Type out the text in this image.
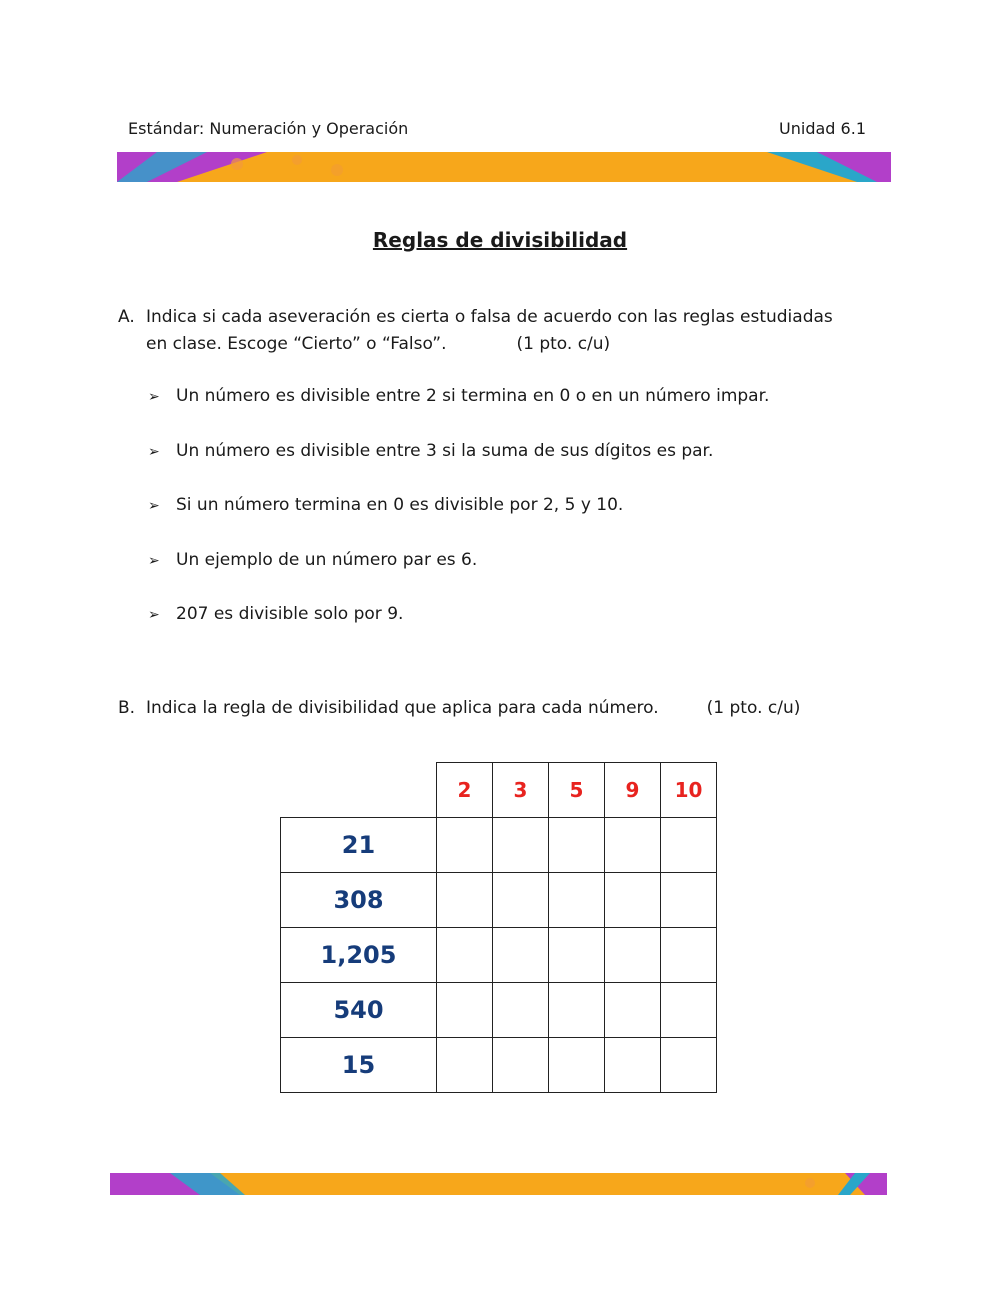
Estándar: Numeración y Operación	Unidad 6.1
Reglas de divisibilidad
A. Indica si cada aseveración es cierta o falsa de acuerdo con las reglas estudiadas
en clase. Escoge “Cierto” o “Falso”.	(1 pto. c/u)
➢ Un número es divisible entre 2 si termina en 0 o en un número impar.
➢ Un número es divisible entre 3 si la suma de sus dígitos es par.
➢ Si un número termina en 0 es divisible por 2, 5 y 10.
➢ Un ejemplo de un número par es 6.
➢ 207 es divisible solo por 9.
B. Indica la regla de divisibilidad que aplica para cada número.	(1 pto. c/u)
	2	3	5	9	10
21					
308					
1,205					
540					
15					
